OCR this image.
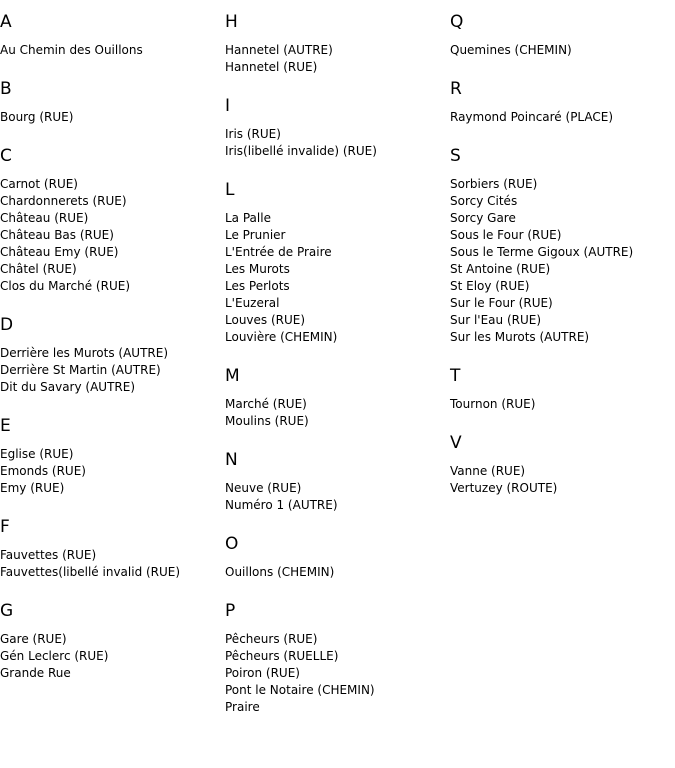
A
Au Chemin des Ouillons
B
Bourg (RUE)
C
Carnot (RUE)
Chardonnerets (RUE)
Château (RUE)
Château Bas (RUE)
Château Emy (RUE)
Châtel (RUE)
Clos du Marché (RUE)
D
Derrière les Murots (AUTRE)
Derrière St Martin (AUTRE)
Dit du Savary (AUTRE)
E
Eglise (RUE)
Emonds (RUE)
Emy (RUE)
F
Fauvettes (RUE)
Fauvettes(libellé invalid (RUE)
G
Gare (RUE)
Gén Leclerc (RUE)
Grande Rue
H
Hannetel (AUTRE)
Hannetel (RUE)
I
Iris (RUE)
Iris(libellé invalide) (RUE)
L
La Palle
Le Prunier
L'Entrée de Praire
Les Murots
Les Perlots
L'Euzeral
Louves (RUE)
Louvière (CHEMIN)
M
Marché (RUE)
Moulins (RUE)
N
Neuve (RUE)
Numéro 1 (AUTRE)
O
Ouillons (CHEMIN)
P
Pêcheurs (RUE)
Pêcheurs (RUELLE)
Poiron (RUE)
Pont le Notaire (CHEMIN)
Praire
Q
Quemines (CHEMIN)
R
Raymond Poincaré (PLACE)
S
Sorbiers (RUE)
Sorcy Cités
Sorcy Gare
Sous le Four (RUE)
Sous le Terme Gigoux (AUTRE)
St Antoine (RUE)
St Eloy (RUE)
Sur le Four (RUE)
Sur l'Eau (RUE)
Sur les Murots (AUTRE)
T
Tournon (RUE)
V
Vanne (RUE)
Vertuzey (ROUTE)
